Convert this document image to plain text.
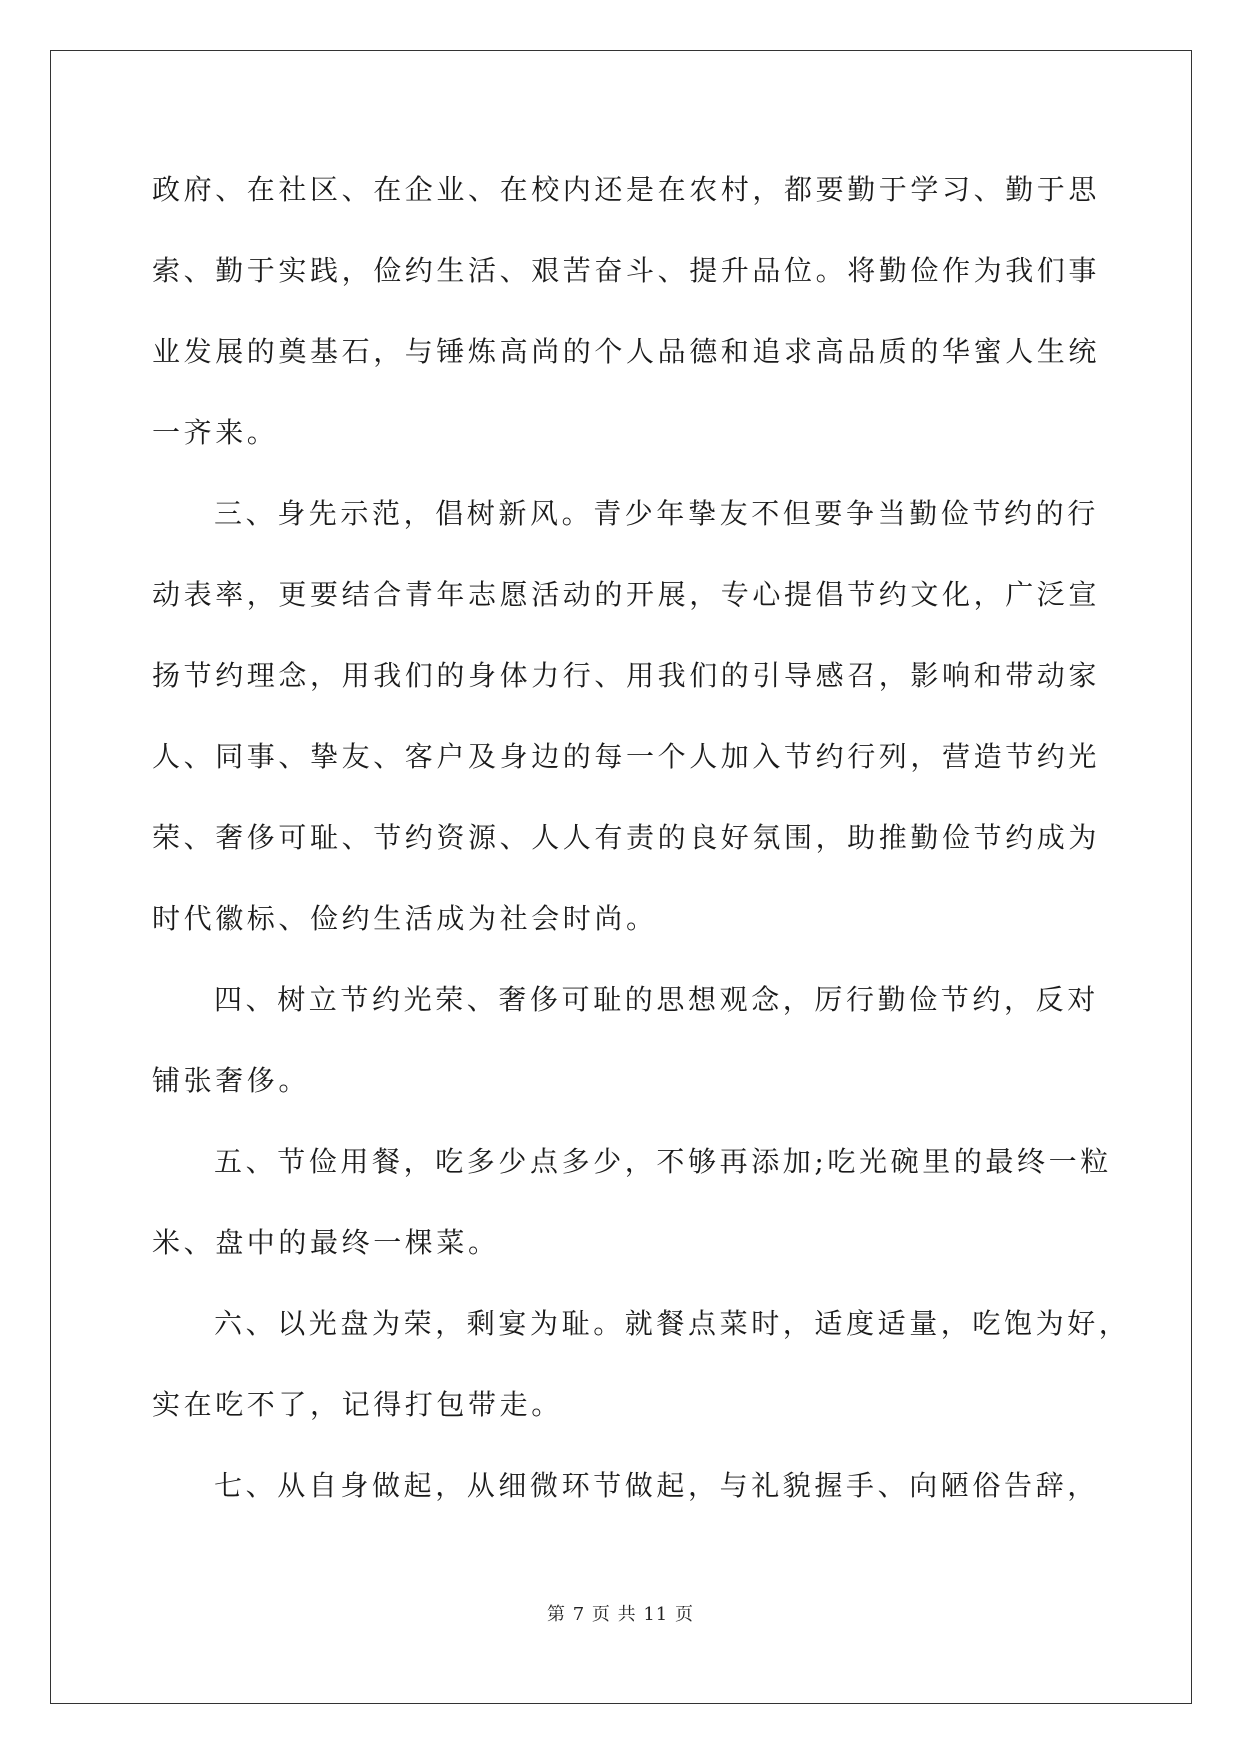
政府、在社区、在企业、在校内还是在农村，都要勤于学习、勤于思
索、勤于实践，俭约生活、艰苦奋斗、提升品位。将勤俭作为我们事
业发展的奠基石，与锤炼高尚的个人品德和追求高品质的华蜜人生统
一齐来。
三、身先示范，倡树新风。青少年挚友不但要争当勤俭节约的行
动表率，更要结合青年志愿活动的开展，专心提倡节约文化，广泛宣
扬节约理念，用我们的身体力行、用我们的引导感召，影响和带动家
人、同事、挚友、客户及身边的每一个人加入节约行列，营造节约光
荣、奢侈可耻、节约资源、人人有责的良好氛围，助推勤俭节约成为
时代徽标、俭约生活成为社会时尚。
四、树立节约光荣、奢侈可耻的思想观念，厉行勤俭节约，反对
铺张奢侈。
五、节俭用餐，吃多少点多少，不够再添加;吃光碗里的最终一粒
米、盘中的最终一棵菜。
六、以光盘为荣，剩宴为耻。就餐点菜时，适度适量，吃饱为好，
实在吃不了，记得打包带走。
七、从自身做起，从细微环节做起，与礼貌握手、向陋俗告辞，
第 7 页 共 11 页
